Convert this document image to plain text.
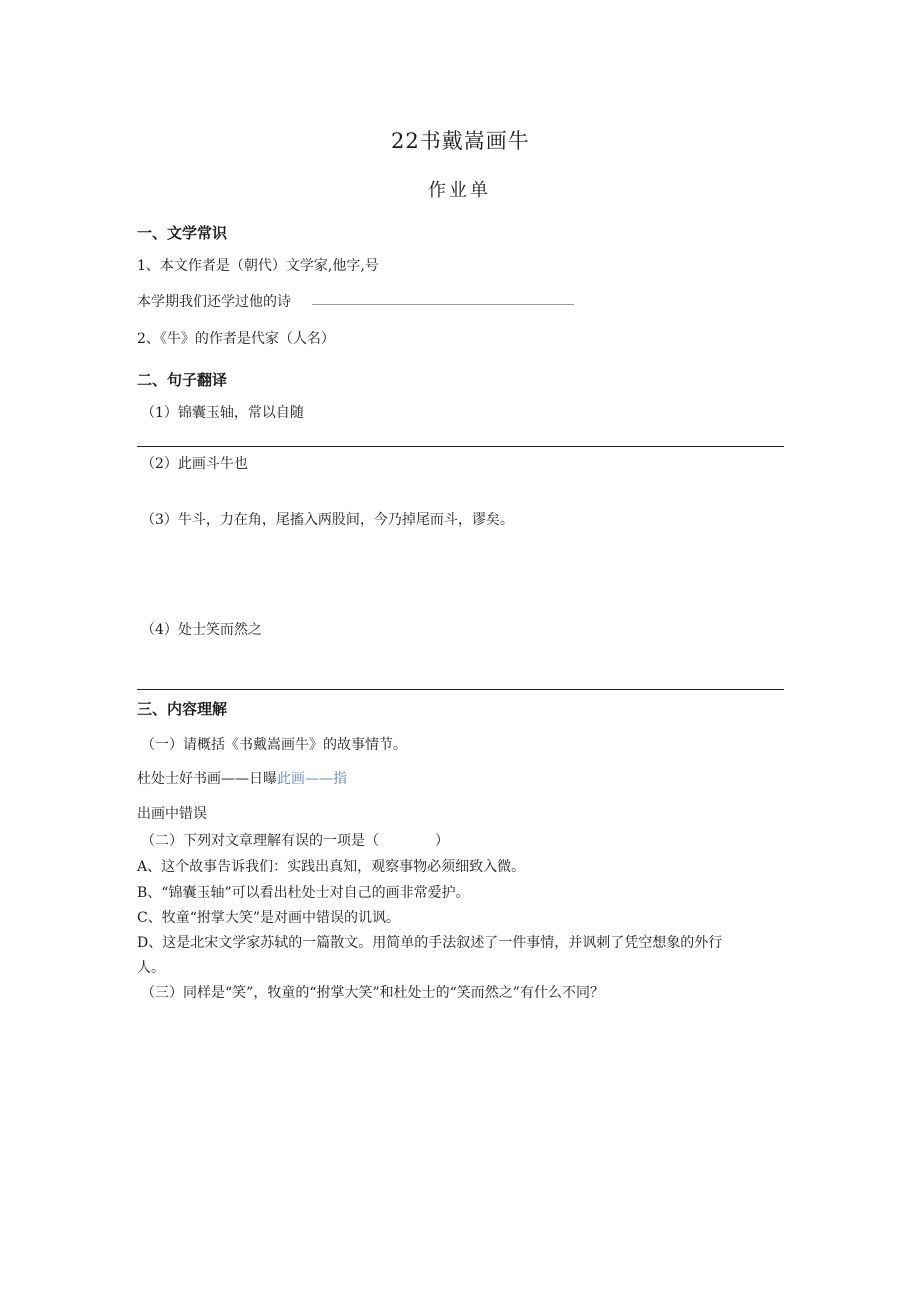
22书戴嵩画牛
作业单
一、文学常识
1、本文作者是（朝代）文学家,他字,号
本学期我们还学过他的诗
2、《牛》的作者是代家（人名）
二、句子翻译
（1）锦囊玉轴，常以自随
（2）此画斗牛也
（3）牛斗，力在角，尾搐入两股间，今乃掉尾而斗，谬矣。
（4）处士笑而然之
三、内容理解
（一）请概括《书戴嵩画牛》的故事情节。
杜处士好书画——日曝此画——指
出画中错误
（二）下列对文章理解有误的一项是（　　　　）
A、这个故事告诉我们：实践出真知，观察事物必须细致入微。
B、“锦囊玉轴”可以看出杜处士对自己的画非常爱护。
C、牧童“拊掌大笑”是对画中错误的讥讽。
D、这是北宋文学家苏轼的一篇散文。用简单的手法叙述了一件事情，并讽刺了凭空想象的外行
人。
（三）同样是“笑”，牧童的“拊掌大笑”和杜处士的“笑而然之”有什么不同？
